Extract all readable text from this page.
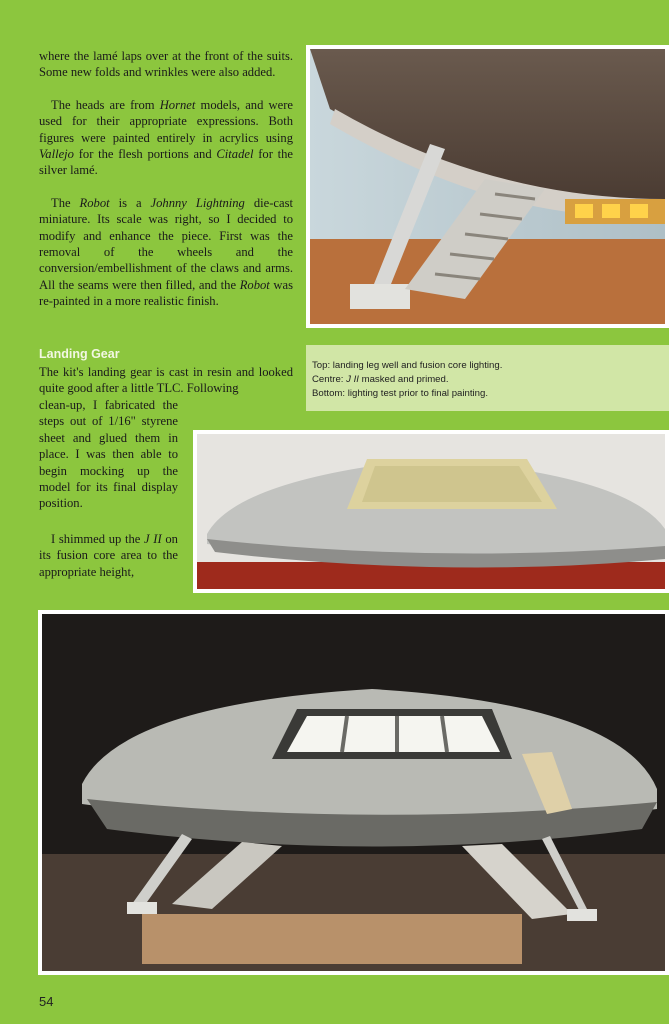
where the lamé laps over at the front of the suits. Some new folds and wrinkles were also added.

The heads are from Hornet models, and were used for their appropriate expressions. Both figures were painted entirely in acrylics using Vallejo for the flesh portions and Citadel for the silver lamé.

The Robot is a Johnny Lightning die-cast miniature. Its scale was right, so I decided to modify and enhance the piece. First was the removal of the wheels and the conversion/embellishment of the claws and arms. All the seams were then filled, and the Robot was re-painted in a more realistic finish.

Landing Gear
The kit's landing gear is cast in resin and looked quite good after a little TLC. Following
clean-up, I fabricated the steps out of 1/16" styrene sheet and glued them in place. I was then able to begin mocking up the model for its final display position.
I shimmed up the J II on its fusion core area to the appropriate height,
Top: landing leg well and fusion core lighting.
Centre: J II masked and primed.
Bottom: lighting test prior to final painting.
54
